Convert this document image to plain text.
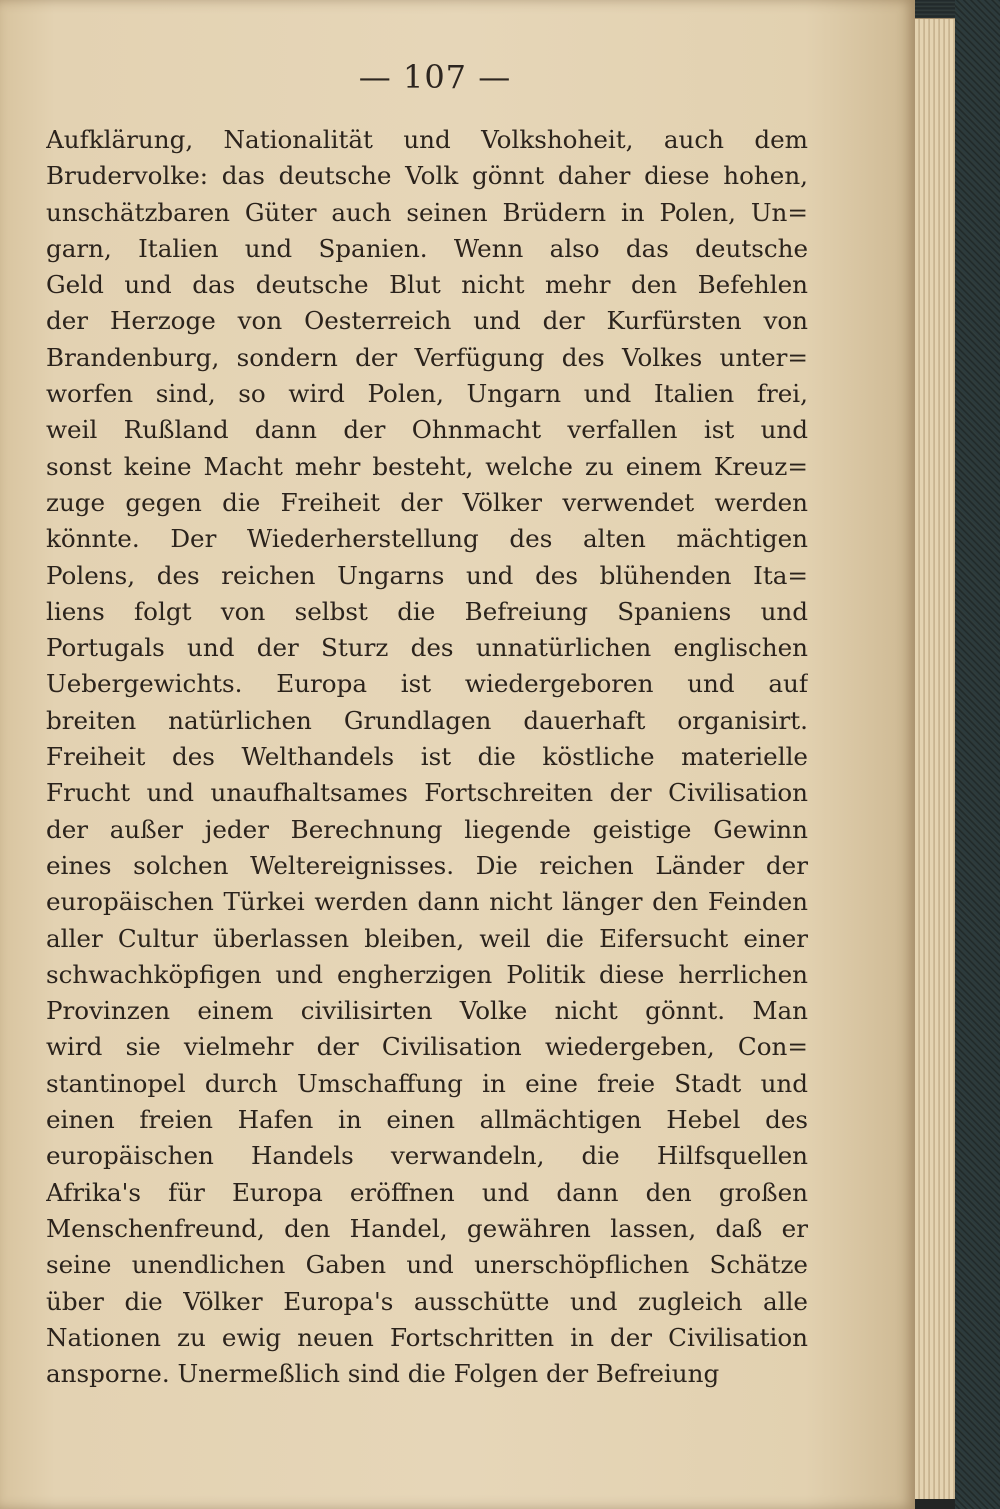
— 107 —
Aufklärung, Nationalität und Volkshoheit, auch dem
Brudervolke: das deutsche Volk gönnt daher diese hohen,
unschätzbaren Güter auch seinen Brüdern in Polen, Un=
garn, Italien und Spanien. Wenn also das deutsche
Geld und das deutsche Blut nicht mehr den Befehlen
der Herzoge von Oesterreich und der Kurfürsten von
Brandenburg, sondern der Verfügung des Volkes unter=
worfen sind, so wird Polen, Ungarn und Italien frei,
weil Rußland dann der Ohnmacht verfallen ist und
sonst keine Macht mehr besteht, welche zu einem Kreuz=
zuge gegen die Freiheit der Völker verwendet werden
könnte. Der Wiederherstellung des alten mächtigen
Polens, des reichen Ungarns und des blühenden Ita=
liens folgt von selbst die Befreiung Spaniens und
Portugals und der Sturz des unnatürlichen englischen
Uebergewichts. Europa ist wiedergeboren und auf
breiten natürlichen Grundlagen dauerhaft organisirt.
Freiheit des Welthandels ist die köstliche materielle
Frucht und unaufhaltsames Fortschreiten der Civilisation
der außer jeder Berechnung liegende geistige Gewinn
eines solchen Weltereignisses. Die reichen Länder der
europäischen Türkei werden dann nicht länger den Feinden
aller Cultur überlassen bleiben, weil die Eifersucht einer
schwachköpfigen und engherzigen Politik diese herrlichen
Provinzen einem civilisirten Volke nicht gönnt. Man
wird sie vielmehr der Civilisation wiedergeben, Con=
stantinopel durch Umschaffung in eine freie Stadt und
einen freien Hafen in einen allmächtigen Hebel des
europäischen Handels verwandeln, die Hilfsquellen
Afrika's für Europa eröffnen und dann den großen
Menschenfreund, den Handel, gewähren lassen, daß er
seine unendlichen Gaben und unerschöpflichen Schätze
über die Völker Europa's ausschütte und zugleich alle
Nationen zu ewig neuen Fortschritten in der Civilisation
ansporne. Unermeßlich sind die Folgen der Befreiung
